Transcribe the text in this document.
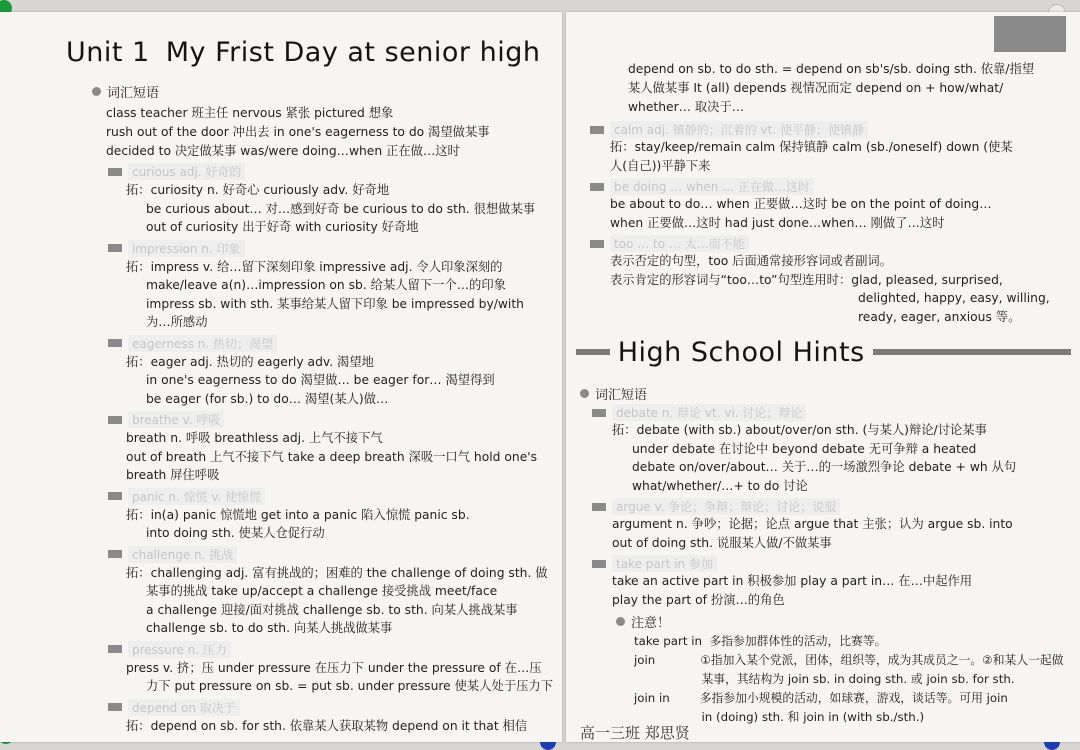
Unit 1 My Frist Day at senior high
词汇短语
class teacher 班主任 nervous 紧张 pictured 想象
rush out of the door 冲出去 in one's eagerness to do 渴望做某事
decided to 决定做某事 was/were doing…when 正在做…这时
curious adj. 好奇的
拓：curiosity n. 好奇心 curiously adv. 好奇地
be curious about… 对…感到好奇 be curious to do sth. 很想做某事
out of curiosity 出于好奇 with curiosity 好奇地
impression n. 印象
拓：impress v. 给…留下深刻印象 impressive adj. 令人印象深刻的
make/leave a(n)…impression on sb. 给某人留下一个…的印象
impress sb. with sth. 某事给某人留下印象 be impressed by/with
为…所感动
eagerness n. 热切；渴望
拓：eager adj. 热切的 eagerly adv. 渴望地
in one's eagerness to do 渴望做… be eager for… 渴望得到
be eager (for sb.) to do… 渴望(某人)做…
breathe v. 呼吸
breath n. 呼吸 breathless adj. 上气不接下气
out of breath 上气不接下气 take a deep breath 深吸一口气 hold one's
breath 屏住呼吸
panic n. 惊慌 v. 使惊慌
拓：in(a) panic 惊慌地 get into a panic 陷入惊慌 panic sb.
into doing sth. 使某人仓促行动
challenge n. 挑战
拓：challenging adj. 富有挑战的；困难的 the challenge of doing sth. 做
某事的挑战 take up/accept a challenge 接受挑战 meet/face
a challenge 迎接/面对挑战 challenge sb. to sth. 向某人挑战某事
challenge sb. to do sth. 向某人挑战做某事
pressure n. 压力
press v. 挤；压 under pressure 在压力下 under the pressure of 在…压
力下 put pressure on sb. = put sb. under pressure 使某人处于压力下
depend on 取决于
拓：depend on sb. for sth. 依靠某人获取某物 depend on it that 相信
depend on sb. to do sth. = depend on sb's/sb. doing sth. 依靠/指望
某人做某事 It (all) depends 视情况而定 depend on + how/what/
whether… 取决于…
calm adj. 镇静的；沉着的 vt. 使平静；使镇静
拓：stay/keep/remain calm 保持镇静 calm (sb./oneself) down (使某
人(自己))平静下来
be doing … when … 正在做…这时
be about to do… when 正要做…这时 be on the point of doing…
when 正要做…这时 had just done…when… 刚做了…这时
too … to … 太…而不能
表示否定的句型，too 后面通常接形容词或者副词。
表示肯定的形容词与“too…to”句型连用时：glad, pleased, surprised,
delighted, happy, easy, willing,
ready, eager, anxious 等。
High School Hints
词汇短语
debate n. 辩论 vt. vi. 讨论；辩论
拓：debate (with sb.) about/over/on sth. (与某人)辩论/讨论某事
under debate 在讨论中 beyond debate 无可争辩 a heated
debate on/over/about… 关于…的一场激烈争论 debate + wh 从句
what/whether/…+ to do 讨论
argue v. 争论；争辩；辩论；讨论；说服
argument n. 争吵；论据；论点 argue that 主张；认为 argue sb. into
out of doing sth. 说服某人做/不做某事
take part in 参加
take an active part in 积极参加 play a part in… 在…中起作用
play the part of 扮演…的角色
注意！
take part in  多指参加群体性的活动，比赛等。
join            ①指加入某个党派，团体，组织等，成为其成员之一。②和某人一起做
某事，其结构为 join sb. in doing sth. 或 join sb. for sth.
join in        多指参加小规模的活动，如球赛，游戏，谈话等。可用 join
in (doing) sth. 和 join in (with sb./sth.)
高一三班 郑思贤
